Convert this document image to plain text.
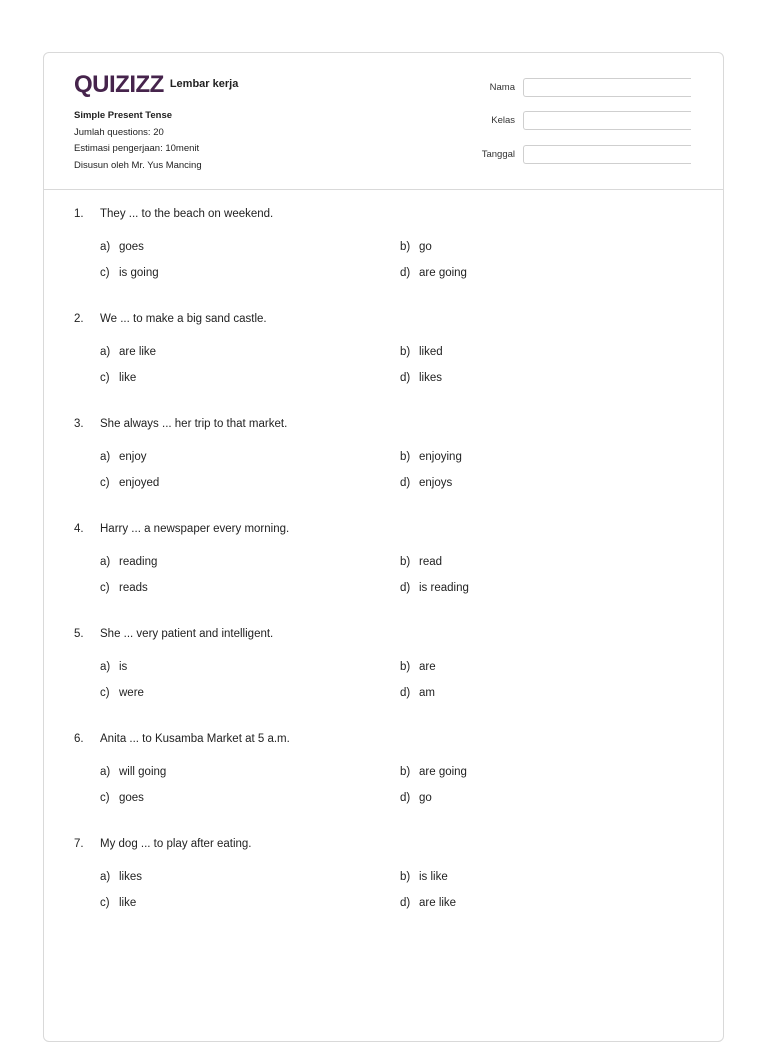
QUIZIZZ Lembar kerja
Simple Present Tense
Jumlah questions: 20
Estimasi pengerjaan: 10menit
Disusun oleh Mr. Yus Mancing
Nama
Kelas
Tanggal
1.	They ... to the beach on weekend.
a) goes	b) go
c) is going	d) are going
2.	We ... to make a big sand castle.
a) are like	b) liked
c) like	d) likes
3.	She always ... her trip to that market.
a) enjoy	b) enjoying
c) enjoyed	d) enjoys
4.	Harry ... a newspaper every morning.
a) reading	b) read
c) reads	d) is reading
5.	She ... very patient and intelligent.
a) is	b) are
c) were	d) am
6.	Anita ... to Kusamba Market at 5 a.m.
a) will going	b) are going
c) goes	d) go
7.	My dog ... to play after eating.
a) likes	b) is like
c) like	d) are like
